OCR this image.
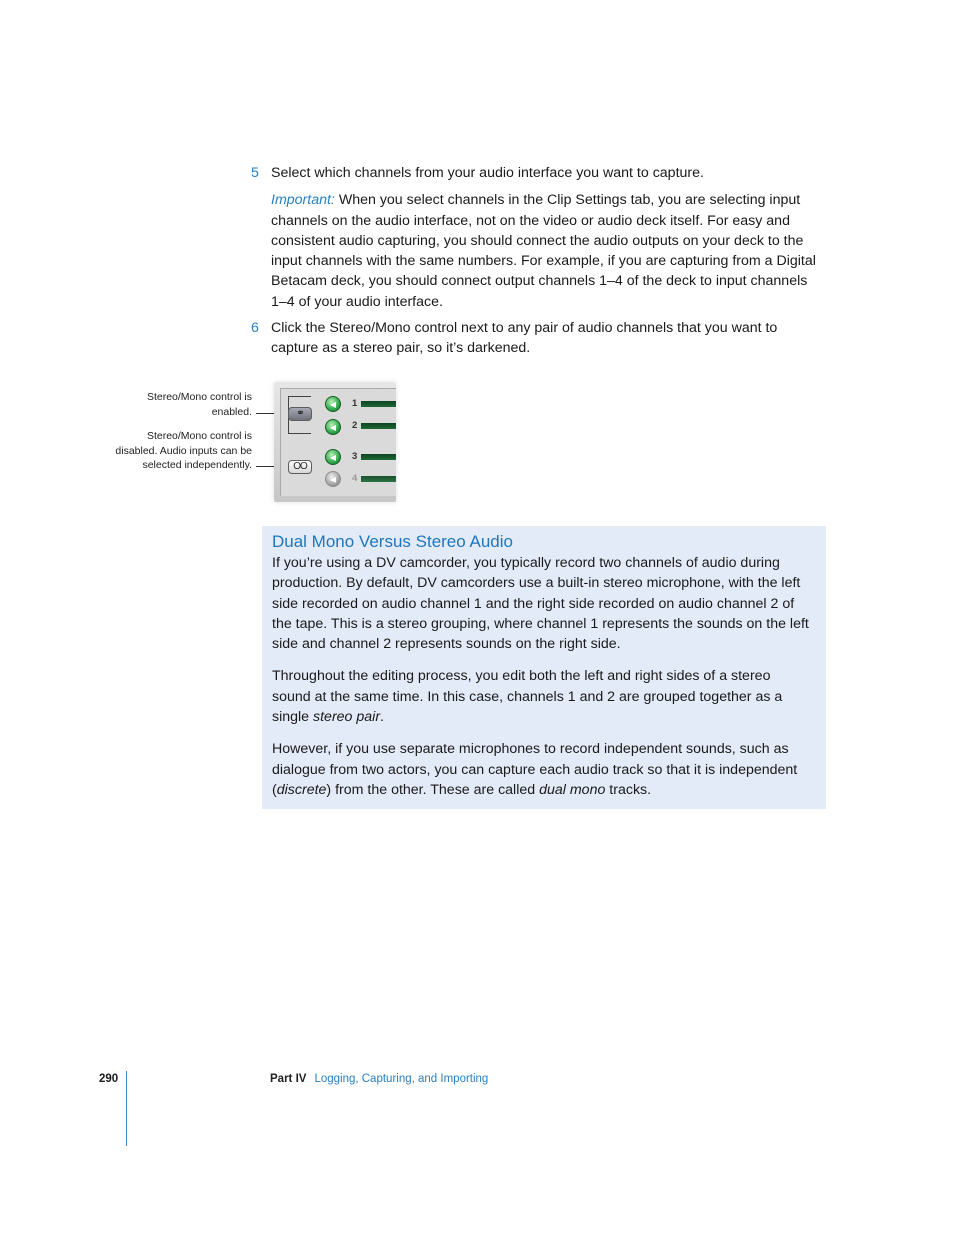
5 Select which channels from your audio interface you want to capture.
Important: When you select channels in the Clip Settings tab, you are selecting input channels on the audio interface, not on the video or audio deck itself. For easy and consistent audio capturing, you should connect the audio outputs on your deck to the input channels with the same numbers. For example, if you are capturing from a Digital Betacam deck, you should connect output channels 1–4 of the deck to input channels 1–4 of your audio interface.
6 Click the Stereo/Mono control next to any pair of audio channels that you want to capture as a stereo pair, so it’s darkened.
Stereo/Mono control is enabled.
Stereo/Mono control is disabled. Audio inputs can be selected independently.
⚭
OO
◀
◀
◀
◀
1
2
3
4
Dual Mono Versus Stereo Audio

If you’re using a DV camcorder, you typically record two channels of audio during production. By default, DV camcorders use a built-in stereo microphone, with the left side recorded on audio channel 1 and the right side recorded on audio channel 2 of the tape. This is a stereo grouping, where channel 1 represents the sounds on the left side and channel 2 represents sounds on the right side.

Throughout the editing process, you edit both the left and right sides of a stereo sound at the same time. In this case, channels 1 and 2 are grouped together as a single stereo pair.

However, if you use separate microphones to record independent sounds, such as dialogue from two actors, you can capture each audio track so that it is independent (discrete) from the other. These are called dual mono tracks.

290	Part IV Logging, Capturing, and Importing
